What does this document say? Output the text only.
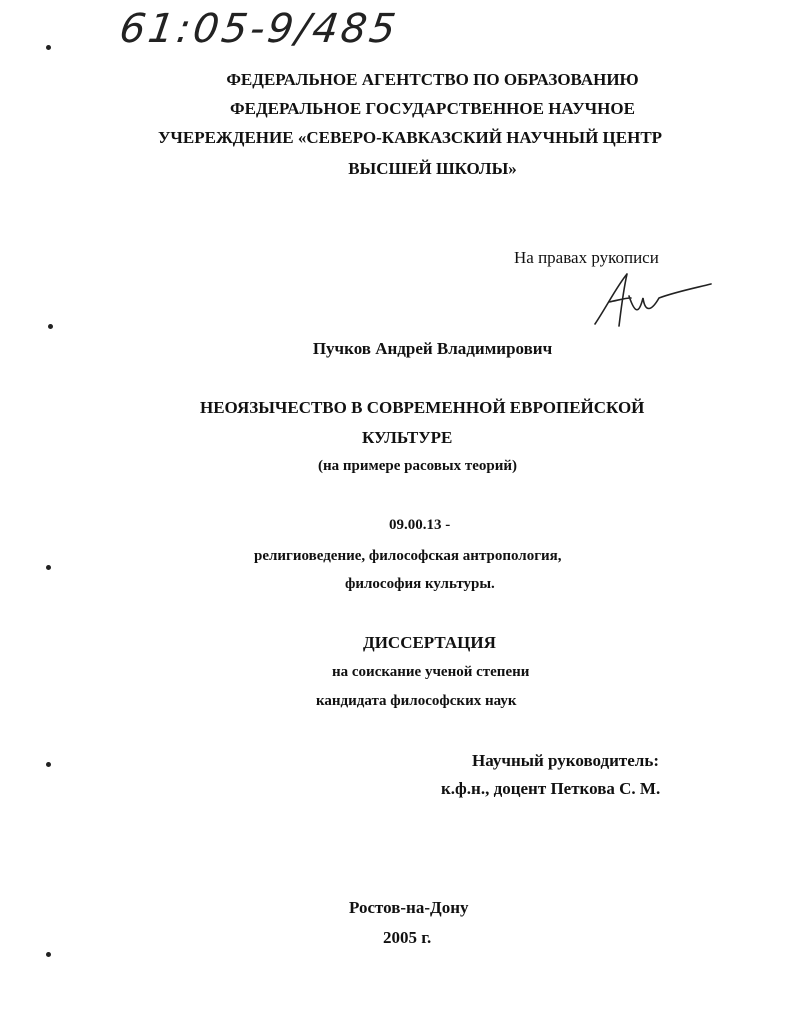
61:05-9/485
ФЕДЕРАЛЬНОЕ АГЕНТСТВО ПО ОБРАЗОВАНИЮ
ФЕДЕРАЛЬНОЕ ГОСУДАРСТВЕННОЕ НАУЧНОЕ
УЧЕРЕЖДЕНИЕ «СЕВЕРО-КАВКАЗСКИЙ НАУЧНЫЙ ЦЕНТР
ВЫСШЕЙ ШКОЛЫ»
На правах рукописи
Пучков Андрей Владимирович
НЕОЯЗЫЧЕСТВО В СОВРЕМЕННОЙ ЕВРОПЕЙСКОЙ
КУЛЬТУРЕ
(на примере расовых теорий)
09.00.13 -
религиоведение, философская антропология,
философия культуры.
ДИССЕРТАЦИЯ
на соискание ученой степени
кандидата философских наук
Научный руководитель:
к.ф.н., доцент Петкова С. М.
Ростов-на-Дону
2005 г.
